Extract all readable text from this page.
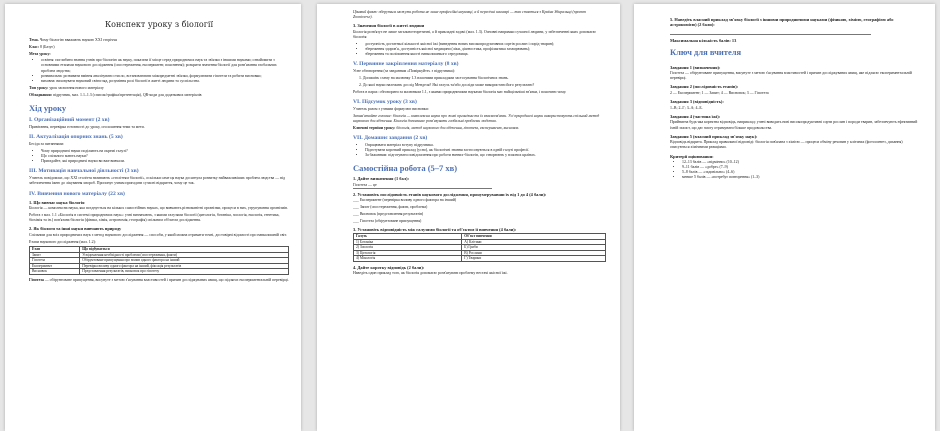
Конспект уроку з біології

Тема. Чому біологію вважають наукою XXI сторіччя

Клас: 8 (Базує)

Мета уроку:

• освітня: поглибити знання учнів про біологію як науку, показати її місце серед природничих наук та зв'язки з іншими науками; ознайомити з основними етапами наукового дослідження (спостереження, експеримент, пояснення); розкрити значення біології для розв'язання глобальних проблем людства;
• розвивальна: розвивати вміння аналізувати стисло, встановлювати міжпредметні зв'язки, формулювати гіпотези та робити висновки;
• виховна: виховувати науковий світогляд, розуміння ролі біології в житті людини та суспільства.

Тип уроку: урок засвоєння нового матеріалу

Обладнання: підручник, мал. 1.1–1.3 (список/графіка/презентація), QR-коди для додаткових матеріалів

Хід уроку
I. Організаційний момент (2 хв)

Привітання, перевірка готовності до уроку, оголошення теми та мети.

II. Актуалізація опорних знань (5 хв)

Бесіда за питаннями:

• Чому природничі науки поділяють на окремі галузі?
• Що спільного мають науки?
• Пригадайте, які природничі науки ви вже вивчали.
III. Мотивація навчальної діяльності (3 хв)

Учитель повідомляє, що XXI століття називають «століттям біології», оскільки саме ця наука досягнула розвитку найважливіших проблем людства — від забезпечення їжею до лікування хвороб. Пропонує учням пригадати сучасні відкриття, чому це так.

IV. Вивчення нового матеріалу (22 хв)
1. Що вивчає наука біологія

Біологія — комплексна наука, яка поєднується на кількох самостійних науках, що вивчають різноманітні організми, процеси в них, угрупування організмів.

Робота з мал. 1.1 «Біологія в системі природничих наук»: учні визначають, з якими галузями біології (цитологія, ботаніка, зоологія, екологія, генетика, біохімія та ін.) пов'язана біологія (фізика, хімія, астрономія, географія) спільним об'єктом дослідження.

2. Як біологи та інші науки вивчають природу

Спільним для всіх природничих наук є метод наукового дослідження — способи, у який можна отримати точні, достовірні відомості про навколишній світ.

Етапи наукового дослідження (мал. 1.2):

Етап	Що відбувається
Запит	Усвідомлення необхідності проблеми (спостереження, факти)
Гіпотеза	Обґрунтоване припущення про вплив одного фактора на інший
Експеримент	Перевірка впливу одного фактора на інший, фіксація результатів
Висновок	Представлення результатів, висновок про гіпотезу

Гіпотеза — обґрунтоване припущення, висунуте з метою з'ясування властивостей і причин досліджуваних явищ, що підлягає експериментальній перевірці.

Цікавий факт: оберуться можуть роботи не лише професійні науковці, а й пересічні школярі — так стається з Країна Збиральщі (проект Zooniverse).

3. Значення біології в житті людини

Біологія розв'язує не лише загальнотеоретичні, а й прикладні задачі (мал. 1.3). Основні напрямки сучасної людини, у забезпеченні яких допомагає біологія:

• доступність достатньої кількості якісної їжі (виведення нових високопродуктивних сортів рослин і порід тварин);
• збереження здоров'я, доступність якісної медицини (ліки, діагностика, профілактика захворювань);
• збереження та поліпшення якості навколишнього середовища.
V. Первинне закріплення матеріалу (8 хв)

Усне обговорення (за завданням «Поміркуйте» з підручника):

1. Допишіть схему на малюнку 1.3 власними прикладами застосування біологічних знань.

2. До якої науки належить дослід Менделя? Які галузь та/або досліди може використати його результати?

Робота в парах: обговорити за малюнком 1.1, з якими природничими науками біологія має найщільніші зв'язки, і пояснити чому.

VI. Підсумок уроку (3 хв)

Учитель разом з учнями формулює висновки:

Запам'ятайте головне: біологія — комплексна наука про живі організми та їх взаємозв'язки. Усі природничі науки використовують спільний метод наукового дослідження. Біологія допомагає розв'язувати глобальні проблеми людства.

Ключові терміни уроку: біологія, метод наукового дослідження, гіпотеза, експеримент, висновок.

VII. Домашнє завдання (2 хв)
• Опрацювати матеріал вступу підручника.
• Підготувати короткий приклад (усно), як біологічні знання застосовуються в одній галузі професії.
• За бажанням: підготувати повідомлення про роботи вчених-біологів, що створюють у власних країнах.
Самостійна робота (5–7 хв)
1. Дайте визначення (1 бал):

Гіпотеза — це

2. Установіть послідовність етапів наукового дослідження, пронумерувавши їх від 1 до 4 (4 бали):

___ Експеримент (перевірка впливу одного фактора на інший)

___ Запит (спостереження, факти, проблема)

___ Висновок (представлення результатів)

___ Гіпотеза (обґрунтоване припущення)

3. Установіть відповідність між галузями біології та об'єктом її вивчення (4 бали):
Галузь	Об'єкт вивчення
1) Ботаніка	А) Клітини
2) Зоологія	Б) Гриби
3) Цитологія	В) Рослини
4) Мікологія	Г) Тварини
4. Дайте коротку відповідь (2 бали):

Наведіть один приклад того, як біологія допомагає розв'язувати проблему нестачі якісної їжі.

5. Наведіть власний приклад зв'язку біології з іншими природничими науками (фізикою, хімією, географією або астрономією) (2 бали):
Максимальна кількість балів: 13
Ключ для вчителя
Завдання 1 (визначення):

Гіпотеза — обґрунтоване припущення, висунуте з метою з'ясування властивостей і причин досліджуваних явищ, яке підлягає експериментальній перевірці.

Завдання 2 (послідовність етапів):

2 — Експеримент; 1 — Запит; 4 — Висновок; 3 — Гіпотеза

Завдання 3 (відповідність):

1–В; 2–Г; 3–А; 4–Б.

Завдання 4 (частина їжі):

Прийнятна будь-яка коректна відповідь, наприклад: учені виводять нові високопродуктивні сорти рослин і породи тварин, забезпечують ефективний їхній захист, що дає змогу отримувати більше продовольства.

Завдання 5 (власний приклад зв'язку наук):

Відповідь відкрита. Приклад правильної відповіді: біологія пов'язана з хімією — процеси обміну речовин у клітинах (фотосинтез, дихання) описуються хімічними реакціями.

Критерії оцінювання:
• 12–13 балів — «відмінно» (10–12)
• 9–11 балів — «добре» (7–9)
• 5–8 балів — «задовільно» (4–6)
• менше 5 балів — «потребує повторення» (1–3)
